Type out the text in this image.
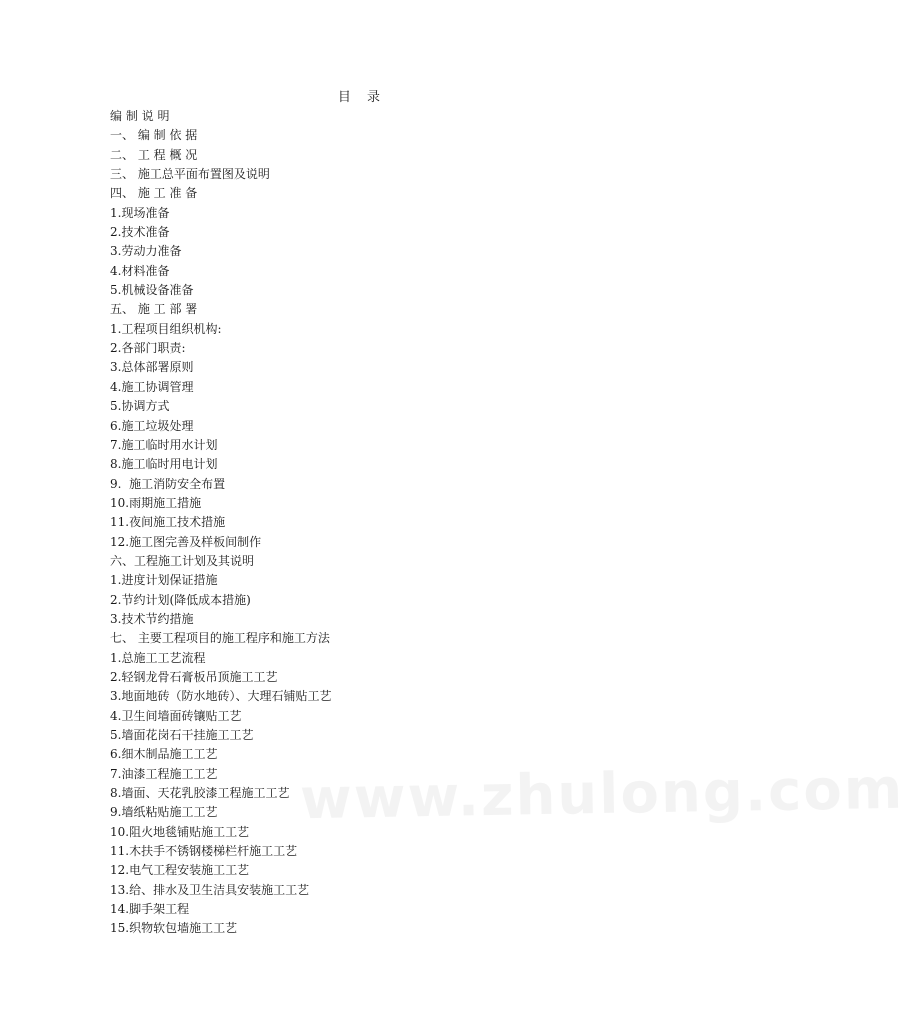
目 录
编 制 说 明
一、 编 制 依 据
二、 工 程 概 况
三、 施工总平面布置图及说明
四、 施 工 准 备
1.现场准备
2.技术准备
3.劳动力准备
4.材料准备
5.机械设备准备
五、 施 工 部 署
1.工程项目组织机构:
2.各部门职责:
3.总体部署原则
4.施工协调管理
5.协调方式
6.施工垃圾处理
7.施工临时用水计划
8.施工临时用电计划
9.  施工消防安全布置
10.雨期施工措施
11.夜间施工技术措施
12.施工图完善及样板间制作
六、工程施工计划及其说明
1.进度计划保证措施
2.节约计划(降低成本措施)
3.技术节约措施
七、 主要工程项目的施工程序和施工方法
1.总施工工艺流程
2.轻钢龙骨石膏板吊顶施工工艺
3.地面地砖（防水地砖）、大理石铺贴工艺
4.卫生间墙面砖镶贴工艺
5.墙面花岗石干挂施工工艺
6.细木制品施工工艺
7.油漆工程施工工艺
8.墙面、天花乳胶漆工程施工工艺
9.墙纸粘贴施工工艺
10.阻火地毯铺贴施工工艺
11.木扶手不锈钢楼梯栏杆施工工艺
12.电气工程安装施工工艺
13.给、排水及卫生洁具安装施工工艺
14.脚手架工程
15.织物软包墙施工工艺
www.zhulong.com
